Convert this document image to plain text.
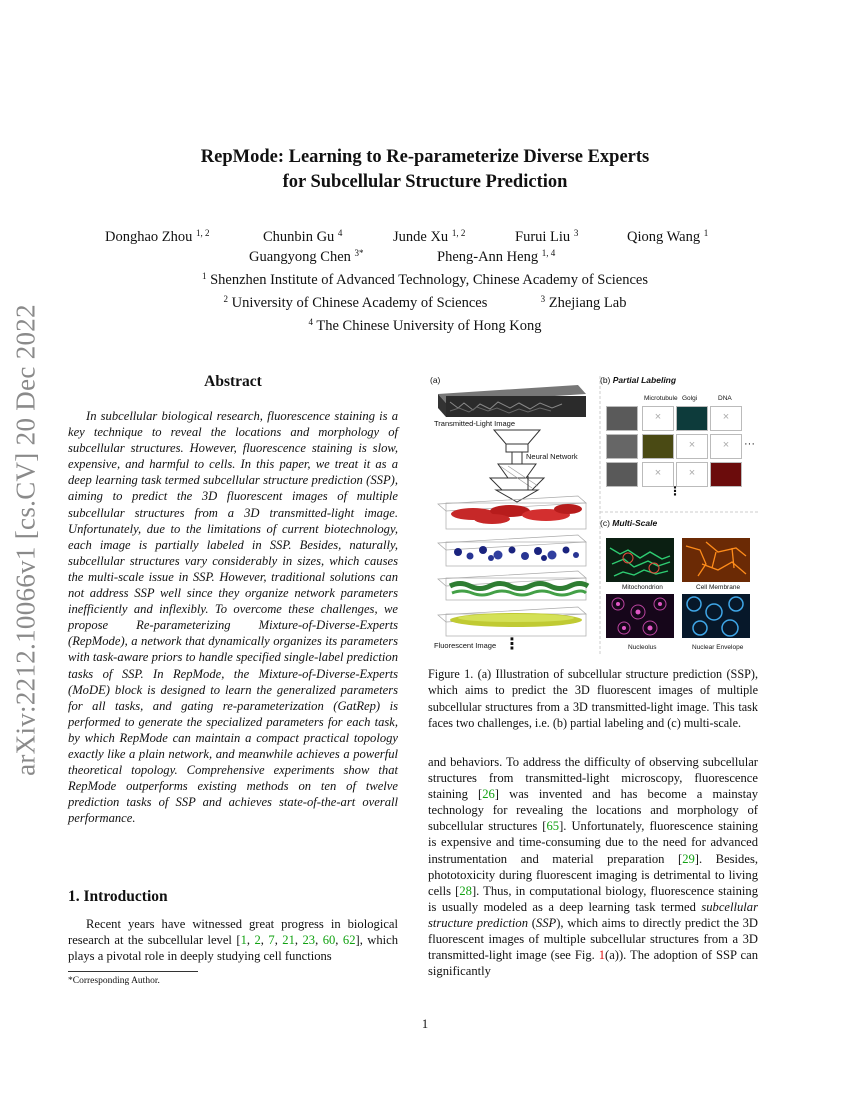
arXiv:2212.10066v1 [cs.CV] 20 Dec 2022
RepMode: Learning to Re-parameterize Diverse Experts
for Subcellular Structure Prediction
Donghao Zhou $^{1, 2}$	Chunbin Gu $^4$	Junde Xu $^{1, 2}$	Furui Liu $^3$	Qiong Wang $^1$
Guangyong Chen $^{3*}$	Pheng-Ann Heng $^{1, 4}$
$^1$ Shenzhen Institute of Advanced Technology, Chinese Academy of Sciences
$^2$ University of Chinese Academy of Sciences	$^3$ Zhejiang Lab
$^4$ The Chinese University of Hong Kong
Abstract

In subcellular biological research, fluorescence staining is a key technique to reveal the locations and morphology of subcellular structures. However, fluorescence staining is slow, expensive, and harmful to cells. In this paper, we treat it as a deep learning task termed subcellular structure prediction (SSP), aiming to predict the 3D fluorescent images of multiple subcellular structures from a 3D transmitted-light image. Unfortunately, due to the limitations of current biotechnology, each image is partially labeled in SSP. Besides, naturally, subcellular structures vary considerably in sizes, which causes the multi-scale issue in SSP. However, traditional solutions can not address SSP well since they organize network parameters inefficiently and inflexibly. To overcome these challenges, we propose Re-parameterizing Mixture-of-Diverse-Experts (RepMode), a network that dynamically organizes its parameters with task-aware priors to handle specified single-label prediction tasks of SSP. In RepMode, the Mixture-of-Diverse-Experts (MoDE) block is designed to learn the generalized parameters for all tasks, and gating re-parameterization (GatRep) is performed to generate the specialized parameters for each task, by which RepMode can maintain a compact practical topology exactly like a plain network, and meanwhile achieves a powerful theoretical topology. Comprehensive experiments show that RepMode outperforms existing methods on ten of twelve prediction tasks of SSP and achieves state-of-the-art overall performance.

1. Introduction

Recent years have witnessed great progress in biological research at the subcellular level [1, 2, 7, 21, 23, 60, 62], which plays a pivotal role in deeply studying cell functions

*Corresponding Author.
(a)
Transmitted-Light Image
Neural Network
Fluorescent Image ⋮
(b) Partial Labeling
Microtubule Golgi	DNA
×	×
×	×	···
×	×
⋮
(c) Multi-Scale
Mitochondrion	Cell Membrane
Nucleolus	Nuclear Envelope
Figure 1. (a) Illustration of subcellular structure prediction (SSP), which aims to predict the 3D fluorescent images of multiple subcellular structures from a 3D transmitted-light image. This task faces two challenges, i.e. (b) partial labeling and (c) multi-scale.

and behaviors. To address the difficulty of observing subcellular structures from transmitted-light microscopy, fluorescence staining [26] was invented and has become a mainstay technology for revealing the locations and morphology of subcellular structures [65]. Unfortunately, fluorescence staining is expensive and time-consuming due to the need for advanced instrumentation and material preparation [29]. Besides, phototoxicity during fluorescent imaging is detrimental to living cells [28]. Thus, in computational biology, fluorescence staining is usually modeled as a deep learning task termed subcellular structure prediction (SSP), which aims to directly predict the 3D fluorescent images of multiple subcellular structures from a 3D transmitted-light image (see Fig. 1(a)). The adoption of SSP can significantly

1
